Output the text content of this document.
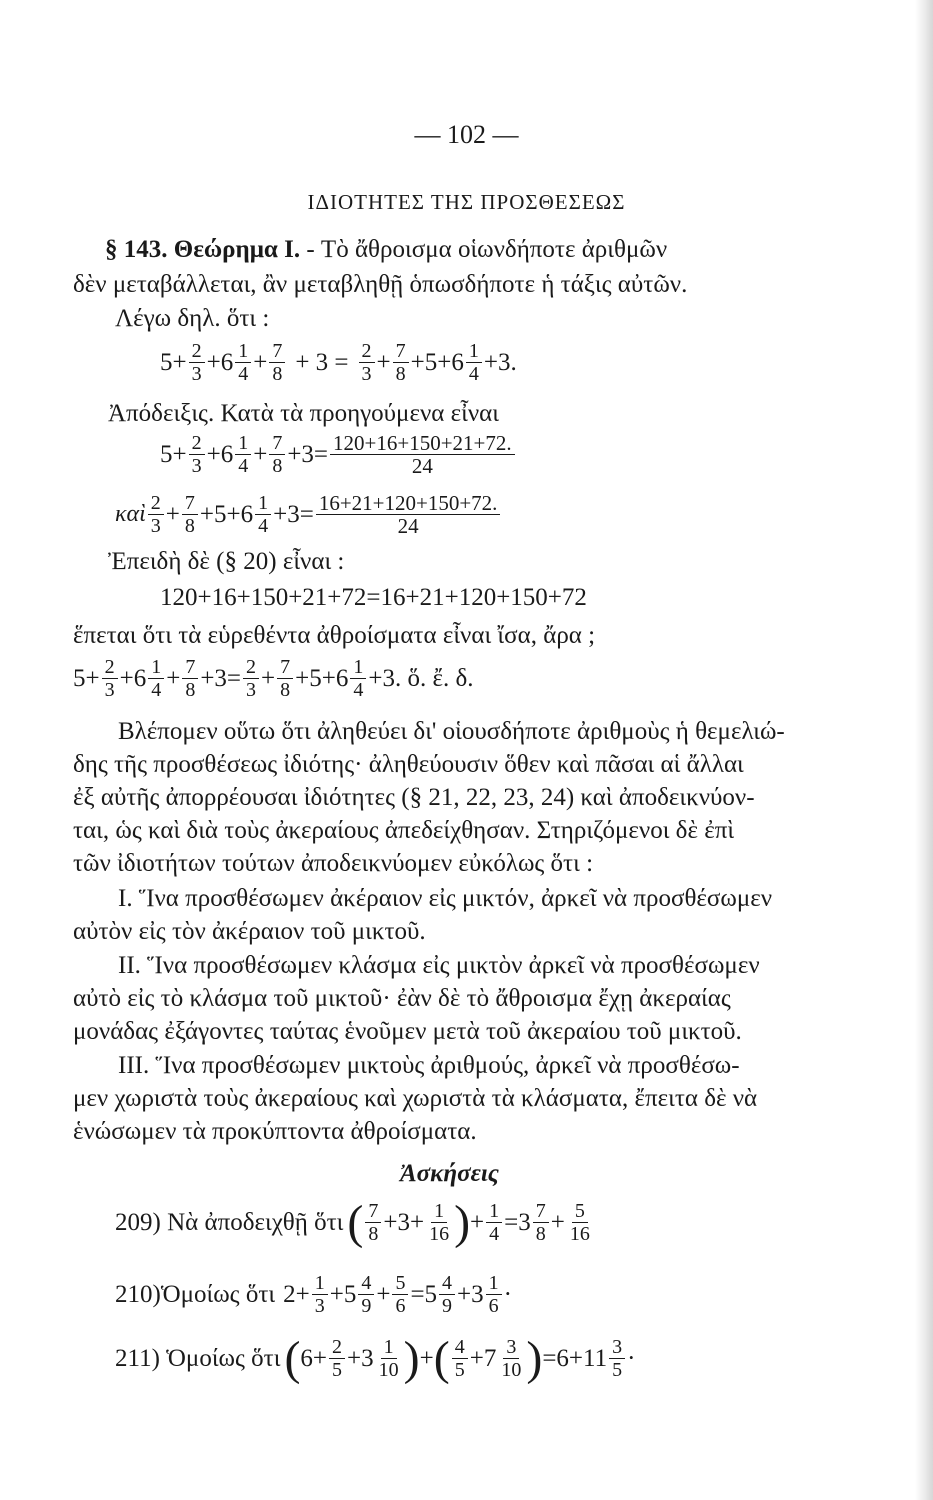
— 102 —
ΙΔΙΟΤΗΤΕΣ ΤΗΣ ΠΡΟΣΘΕΣΕΩΣ
§ 143. Θεώρημα I. - Τὸ ἄθροισμα οἱωνδήποτε ἀριθμῶν
δὲν μεταβάλλεται, ἂν μεταβληθῇ ὁπωσδήποτε ἡ τάξις αὐτῶν.
Λέγω δηλ. ὅτι :
$5+ \frac{2}{3} +6$ 1
$4 + \frac{7}{8} + 3 = \frac{2}{3} + \frac{7}{8} +5+6$ 1
4 +3.
Ἀπόδειξις. Κατὰ τὰ προηγούμενα εἶναι
$5+ \frac{2}{3} +6$ 1
$4 + \frac{7}{8} +3= \frac{120+16+150+21+72.}{24}$
καὶ 2
$3 + \frac{7}{8} +5+6$ 1
$4 +3= \frac{16+21+120+150+72.}{24}$
Ἐπειδὴ δὲ (§ 20) εἶναι :
120+16+150+21+72=16+21+120+150+72
ἕπεται ὅτι τὰ εὑρεθέντα ἀθροίσματα εἶναι ἴσα, ἄρα ;
$5+ \frac{2}{3} +6$ 1
$4 + \frac{7}{8} +3= \frac{2}{3} + \frac{7}{8} +5+6$ 1
4 +3. ὅ. ἔ. δ.
Βλέπομεν οὕτω ὅτι ἀληθεύει δι' οἱουσδήποτε ἀριθμοὺς ἡ θεμελιώ-
δης τῆς προσθέσεως ἰδιότης· ἀληθεύουσιν ὅθεν καὶ πᾶσαι αἱ ἄλλαι
ἐξ αὐτῆς ἀπορρέουσαι ἰδιότητες (§ 21, 22, 23, 24) καὶ ἀποδεικνύον-
ται, ὡς καὶ διὰ τοὺς ἀκεραίους ἀπεδείχθησαν. Στηριζόμενοι δὲ ἐπὶ
τῶν ἰδιοτήτων τούτων ἀποδεικνύομεν εὐκόλως ὅτι :
I. Ἵνα προσθέσωμεν ἀκέραιον εἰς μικτόν, ἀρκεῖ νὰ προσθέσωμεν
αὐτὸν εἰς τὸν ἀκέραιον τοῦ μικτοῦ.
II. Ἵνα προσθέσωμεν κλάσμα εἰς μικτὸν ἀρκεῖ νὰ προσθέσωμεν
αὐτὸ εἰς τὸ κλάσμα τοῦ μικτοῦ· ἐὰν δὲ τὸ ἄθροισμα ἔχῃ ἀκεραίας
μονάδας ἐξάγοντες ταύτας ἑνοῦμεν μετὰ τοῦ ἀκεραίου τοῦ μικτοῦ.
III. Ἵνα προσθέσωμεν μικτοὺς ἀριθμούς, ἀρκεῖ νὰ προσθέσω-
μεν χωριστὰ τοὺς ἀκεραίους καὶ χωριστὰ τὰ κλάσματα, ἔπειτα δὲ νὰ
ἑνώσωμεν τὰ προκύπτοντα ἀθροίσματα.
Ἀσκήσεις
209) Νὰ ἀποδειχθῇ ὅτι ( 7
$8 +3+ \frac{1}{16}$ ) + $\frac{1}{4} =3$ 7
$8 + \frac{5}{16}$
210)Ὁμοίως ὅτι $2+ \frac{1}{3} +5$ 4
$9 + \frac{5}{6} =5$ 4
9 +3 1
6 ·
211) Ὁμοίως ὅτι ( $6+ \frac{2}{5} +3$ 1
10 ) + ( 4
5 +7 3
10 ) =6+11 3
5 ·
